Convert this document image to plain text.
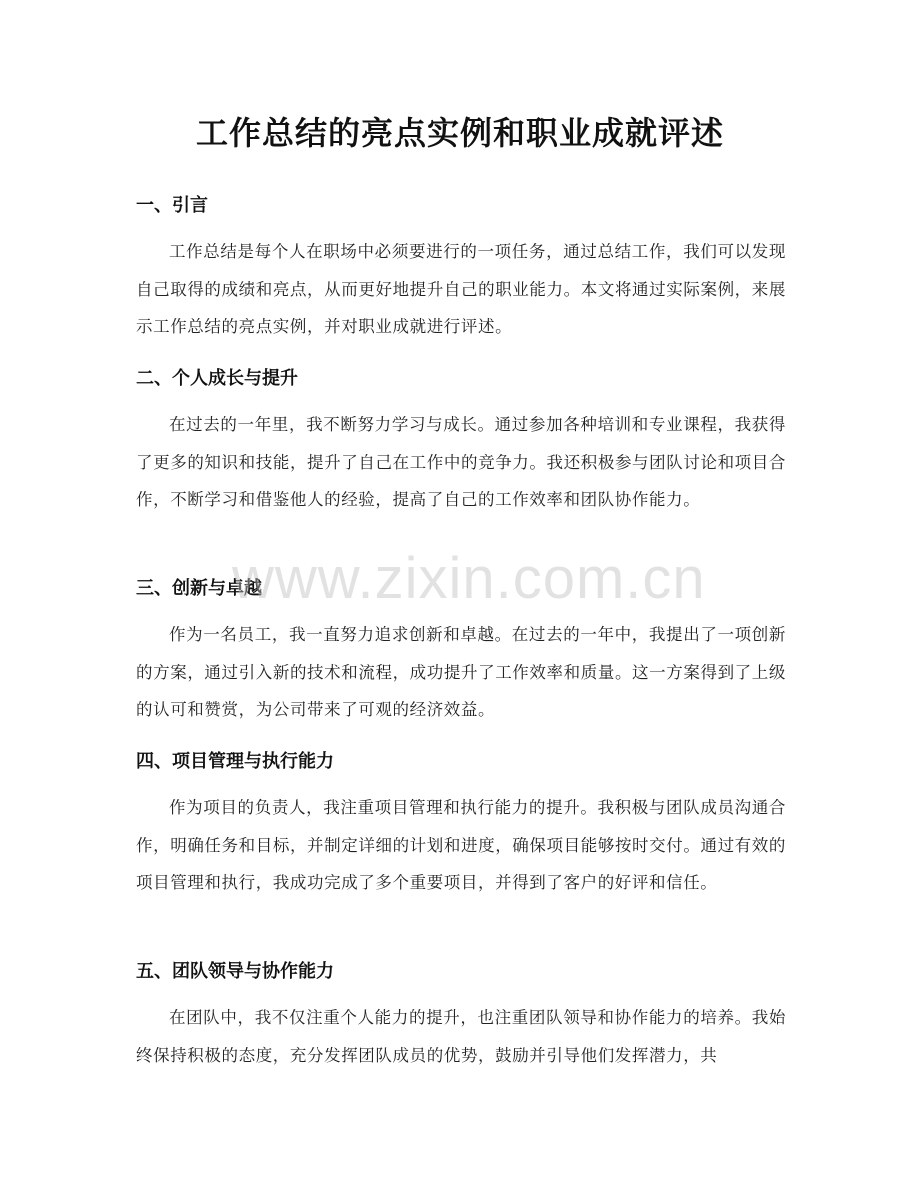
工作总结的亮点实例和职业成就评述
一、引言
工作总结是每个人在职场中必须要进行的一项任务，通过总结工作，我们可以发现自己取得的成绩和亮点，从而更好地提升自己的职业能力。本文将通过实际案例，来展示工作总结的亮点实例，并对职业成就进行评述。
二、个人成长与提升
在过去的一年里，我不断努力学习与成长。通过参加各种培训和专业课程，我获得了更多的知识和技能，提升了自己在工作中的竞争力。我还积极参与团队讨论和项目合作，不断学习和借鉴他人的经验，提高了自己的工作效率和团队协作能力。
三、创新与卓越
作为一名员工，我一直努力追求创新和卓越。在过去的一年中，我提出了一项创新的方案，通过引入新的技术和流程，成功提升了工作效率和质量。这一方案得到了上级的认可和赞赏，为公司带来了可观的经济效益。
四、项目管理与执行能力
作为项目的负责人，我注重项目管理和执行能力的提升。我积极与团队成员沟通合作，明确任务和目标，并制定详细的计划和进度，确保项目能够按时交付。通过有效的项目管理和执行，我成功完成了多个重要项目，并得到了客户的好评和信任。
五、团队领导与协作能力
在团队中，我不仅注重个人能力的提升，也注重团队领导和协作能力的培养。我始终保持积极的态度，充分发挥团队成员的优势，鼓励并引导他们发挥潜力，共
www.zixin.com.cn
